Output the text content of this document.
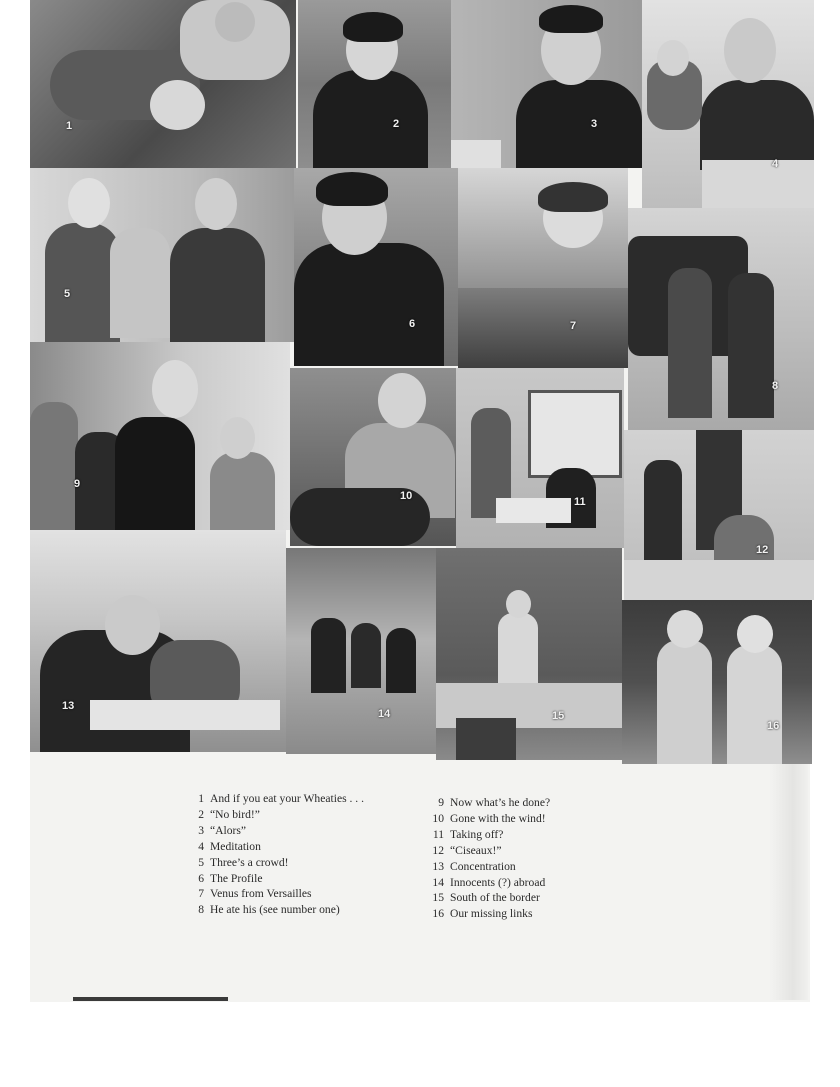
1	2	3
4
5
6	7
8
9
10	11
12
13
14	15
16
1 And if you eat your Wheaties . . .
2 “No bird!”
3 “Alors”
4 Meditation
5 Three’s a crowd!
6 The Profile
7 Venus from Versailles
8 He ate his (see number one)
9 Now what’s he done?
10 Gone with the wind!
11 Taking off?
12 “Ciseaux!”
13 Concentration
14 Innocents (?) abroad
15 South of the border
16 Our missing links
